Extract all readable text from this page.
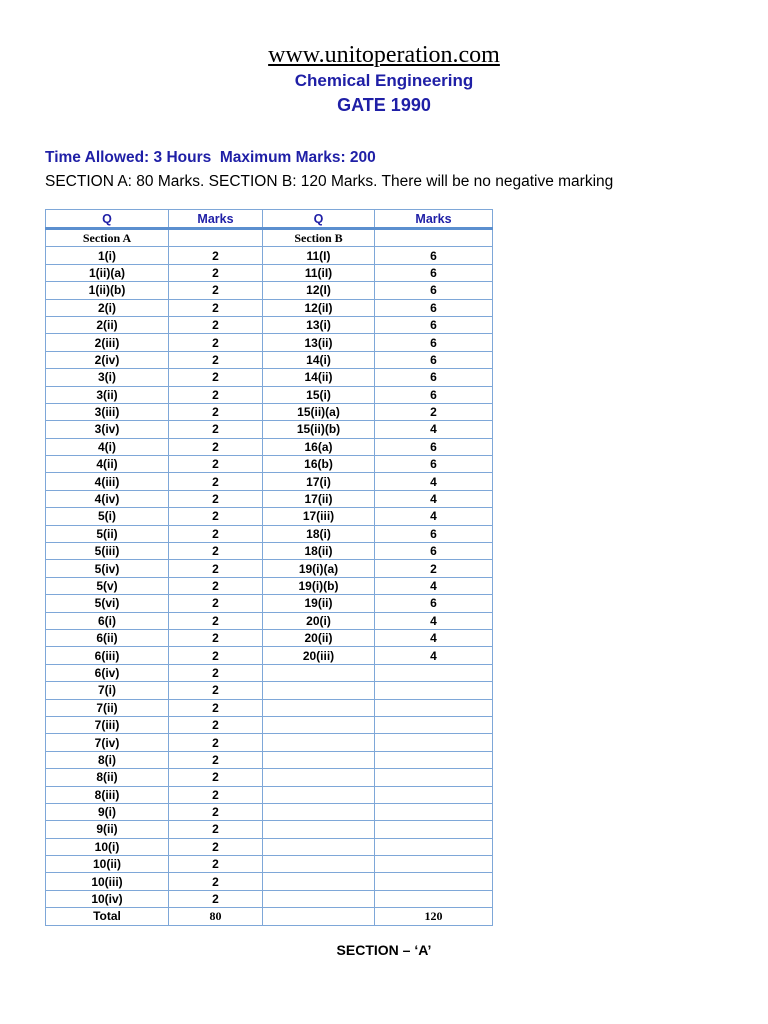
www.unitoperation.com
Chemical Engineering
GATE 1990
Time Allowed: 3 Hours  Maximum Marks: 200
SECTION A: 80 Marks. SECTION B: 120 Marks. There will be no negative marking
Q	Marks	Q	Marks
Section A		Section B	
1(i)	2	11(I)	6
1(ii)(a)	2	11(iI)	6
1(ii)(b)	2	12(I)	6
2(i)	2	12(iI)	6
2(ii)	2	13(i)	6
2(iii)	2	13(ii)	6
2(iv)	2	14(i)	6
3(i)	2	14(ii)	6
3(ii)	2	15(i)	6
3(iii)	2	15(ii)(a)	2
3(iv)	2	15(ii)(b)	4
4(i)	2	16(a)	6
4(ii)	2	16(b)	6
4(iii)	2	17(i)	4
4(iv)	2	17(ii)	4
5(i)	2	17(iii)	4
5(ii)	2	18(i)	6
5(iii)	2	18(ii)	6
5(iv)	2	19(i)(a)	2
5(v)	2	19(i)(b)	4
5(vi)	2	19(ii)	6
6(i)	2	20(i)	4
6(ii)	2	20(ii)	4
6(iii)	2	20(iii)	4
6(iv)	2		
7(i)	2		
7(ii)	2		
7(iii)	2		
7(iv)	2		
8(i)	2		
8(ii)	2		
8(iii)	2		
9(i)	2		
9(ii)	2		
10(i)	2		
10(ii)	2		
10(iii)	2		
10(iv)	2		
Total	80		120
SECTION – ‘A’
